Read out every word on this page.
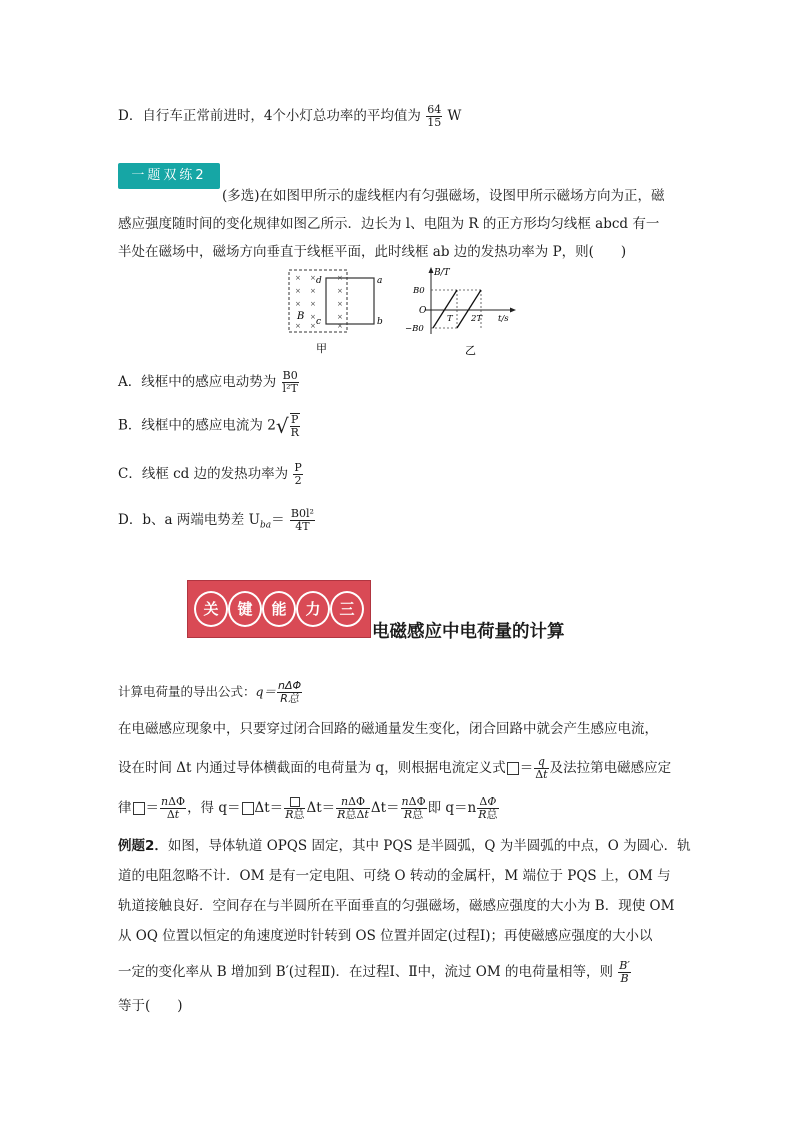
D．自行车正常前进时，4个小灯总功率的平均值为 $\frac{64}{15}$ W
一题双练2
(多选)在如图甲所示的虚线框内有匀强磁场，设图甲所示磁场方向为正，磁
感应强度随时间的变化规律如图乙所示．边长为 l、电阻为 R 的正方形均匀线框 abcd 有一
半处在磁场中，磁场方向垂直于线框平面，此时线框 ab 边的发热功率为 P，则(　　)
× ×	×
× ×	×
× ×	×
×	×
× ×	×
d	a
c	b
B
甲
B/T
B0
O
−B0
T 2T t/s
乙
A．线框中的感应电动势为 $\frac{B0}{\text{l²T}}$
B．线框中的感应电流为 $2√ \frac{P}{R}$
C．线框 cd 边的发热功率为 $\frac{P}{2}$
D．b、a 两端电势差 $U_{ba}= \frac{\text{B0l²}}{4T}$
关	键	能	力	三
电磁感应中电荷量的计算
计算电荷量的导出公式：$q= \frac{\text{nΔΦ}}{\text{R总}}$
在电磁感应现象中，只要穿过闭合回路的磁通量发生变化，闭合回路中就会产生感应电流，
设在时间 Δt 内通过导体横截面的电荷量为 q，则根据电流定义式 ＝ $\frac{q}{\Delta t}$ 及法拉第电磁感应定
律 ＝ $\frac{\text{nΔΦ}}{\Delta t}$ ，得 q＝ Δt＝ R总 $\Delta t= \frac{\text{nΔΦ}}{\text{R总Δt}} \Delta t= \frac{\text{nΔΦ}}{\text{R总}}$ 即 $q=n \frac{\Delta\Phi}{\text{R总}}$
例题2．如图，导体轨道 OPQS 固定，其中 PQS 是半圆弧，Q 为半圆弧的中点，O 为圆心．轨
道的电阻忽略不计．OM 是有一定电阻、可绕 O 转动的金属杆，M 端位于 PQS 上，OM 与
轨道接触良好．空间存在与半圆所在平面垂直的匀强磁场，磁感应强度的大小为 B．现使 OM
从 OQ 位置以恒定的角速度逆时针转到 OS 位置并固定(过程Ⅰ)；再使磁感应强度的大小以
一定的变化率从 B 增加到 B′(过程Ⅱ)．在过程Ⅰ、Ⅱ中，流过 OM 的电荷量相等，则 $\frac{B'}{B}$
等于(　　)
